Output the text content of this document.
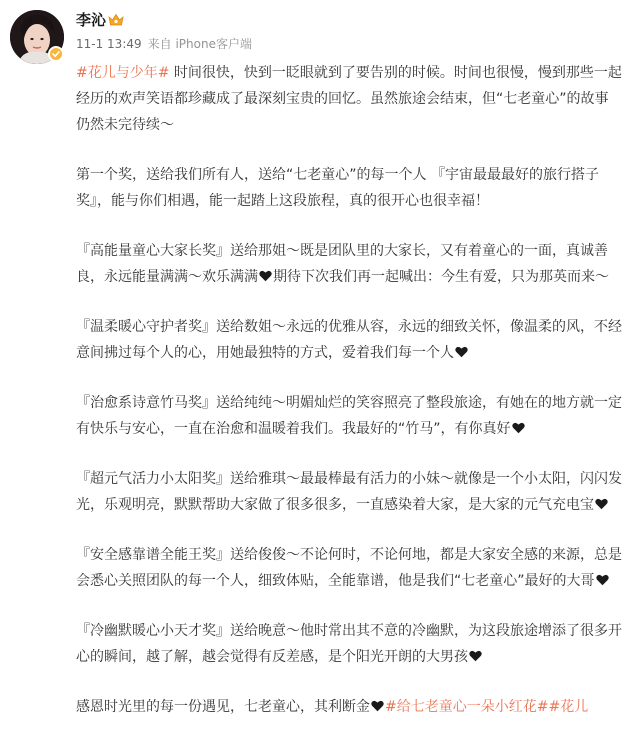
李沁
11-1 13:49 来自 iPhone客户端
#花儿与少年# 时间很快，快到一眨眼就到了要告别的时候。时间也很慢，慢到那些一起经历的欢声笑语都珍藏成了最深刻宝贵的回忆。虽然旅途会结束，但“七老童心”的故事仍然未完待续～
第一个奖，送给我们所有人，送给“七老童心”的每一个人 『宇宙最最最好的旅行搭子奖』，能与你们相遇，能一起踏上这段旅程，真的很开心也很幸福！
『高能量童心大家长奖』送给那姐～既是团队里的大家长，又有着童心的一面，真诚善良，永远能量满满～欢乐满满 期待下次我们再一起喊出：今生有爱，只为那英而来～
『温柔暖心守护者奖』送给数姐～永远的优雅从容，永远的细致关怀，像温柔的风，不经意间拂过每个人的心，用她最独特的方式，爱着我们每一个人
『治愈系诗意竹马奖』送给纯纯～明媚灿烂的笑容照亮了整段旅途，有她在的地方就一定有快乐与安心，一直在治愈和温暖着我们。我最好的“竹马”，有你真好
『超元气活力小太阳奖』送给雅琪～最最棒最有活力的小妹～就像是一个小太阳，闪闪发光，乐观明亮，默默帮助大家做了很多很多，一直感染着大家，是大家的元气充电宝
『安全感靠谱全能王奖』送给俊俊～不论何时，不论何地，都是大家安全感的来源，总是会悉心关照团队的每一个人，细致体贴，全能靠谱，他是我们“七老童心”最好的大哥
『冷幽默暖心小天才奖』送给晚意～他时常出其不意的冷幽默，为这段旅途增添了很多开心的瞬间，越了解，越会觉得有反差感，是个阳光开朗的大男孩
感恩时光里的每一份遇见，七老童心，其利断金 #给七老童心一朵小红花##花儿
